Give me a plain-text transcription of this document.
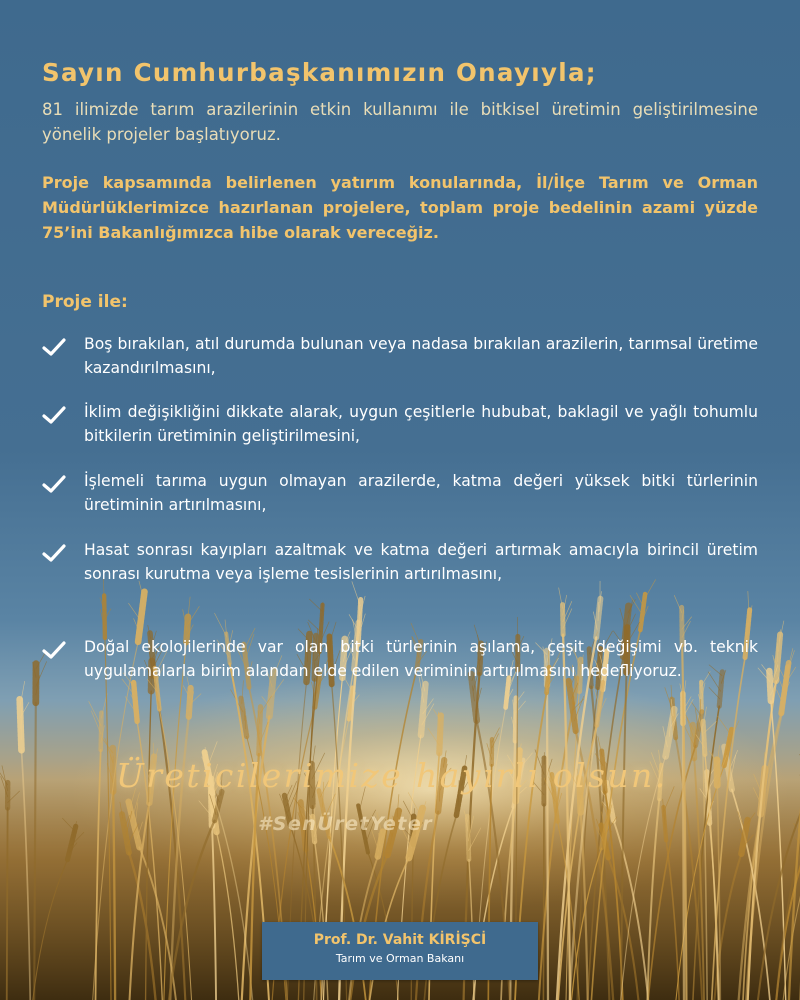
Sayın Cumhurbaşkanımızın Onayıyla;

81 ilimizde tarım arazilerinin etkin kullanımı ile bitkisel üretimin geliştirilmesine yönelik projeler başlatıyoruz.

Proje kapsamında belirlenen yatırım konularında, İl/İlçe Tarım ve Orman Müdürlüklerimizce hazırlanan projelere, toplam proje bedelinin azami yüzde 75’ini Bakanlığımızca hibe olarak vereceğiz.

Proje ile:
Boş bırakılan, atıl durumda bulunan veya nadasa bırakılan arazilerin, tarımsal üretime kazandırılmasını,
İklim değişikliğini dikkate alarak, uygun çeşitlerle hububat, baklagil ve yağlı tohumlu bitkilerin üretiminin geliştirilmesini,
İşlemeli tarıma uygun olmayan arazilerde, katma değeri yüksek bitki türlerinin üretiminin artırılmasını,
Hasat sonrası kayıpları azaltmak ve katma değeri artırmak amacıyla birincil üretim sonrası kurutma veya işleme tesislerinin artırılmasını,
Doğal ekolojilerinde var olan bitki türlerinin aşılama, çeşit değişimi vb. teknik uygulamalarla birim alandan elde edilen veriminin artırılmasını hedefliyoruz.

Üreticilerimize hayırlı olsun.

#SenÜretYeter

Prof. Dr. Vahit KİRİŞCİ
Tarım ve Orman Bakanı
